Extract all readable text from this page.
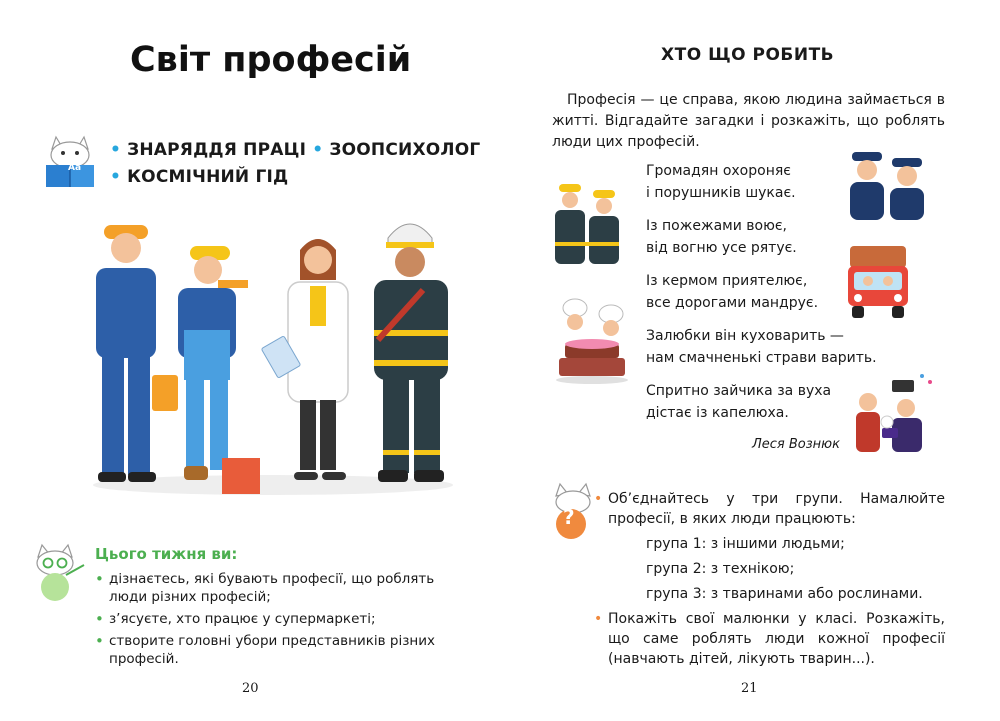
Світ професій
Aa
• ЗНАРЯДДЯ ПРАЦІ • ЗООПСИХОЛОГ
• КОСМІЧНИЙ ГІД
Цього тижня ви:
• дізнаєтесь, які бувають професії, що роблять люди різних професій;
• з’ясуєте, хто працює у супермаркеті;
• створите головні убори представників різних професій.
20
ХТО ЩО РОБИТЬ
Професія — це справа, якою людина займається в житті. Відгадайте загадки і розкажіть, що роблять люди цих професій.
Громадян охороняє
і порушників шукає.
Із пожежами воює,
від вогню усе рятує.
Із кермом приятелює,
все дорогами мандрує.
Залюбки він куховарить —
нам смачненькі страви варить.
Спритно зайчика за вуха
дістає із капелюха.
Леся Вознюк
?
• Об’єднайтесь у три групи. Намалюйте професії, в яких люди працюють:
група 1: з іншими людьми;
група 2: з технікою;
група 3: з тваринами або рослинами.
• Покажіть свої малюнки у класі. Розкажіть, що саме роблять люди кожної професії (навчають дітей, лікують тварин...).
21
